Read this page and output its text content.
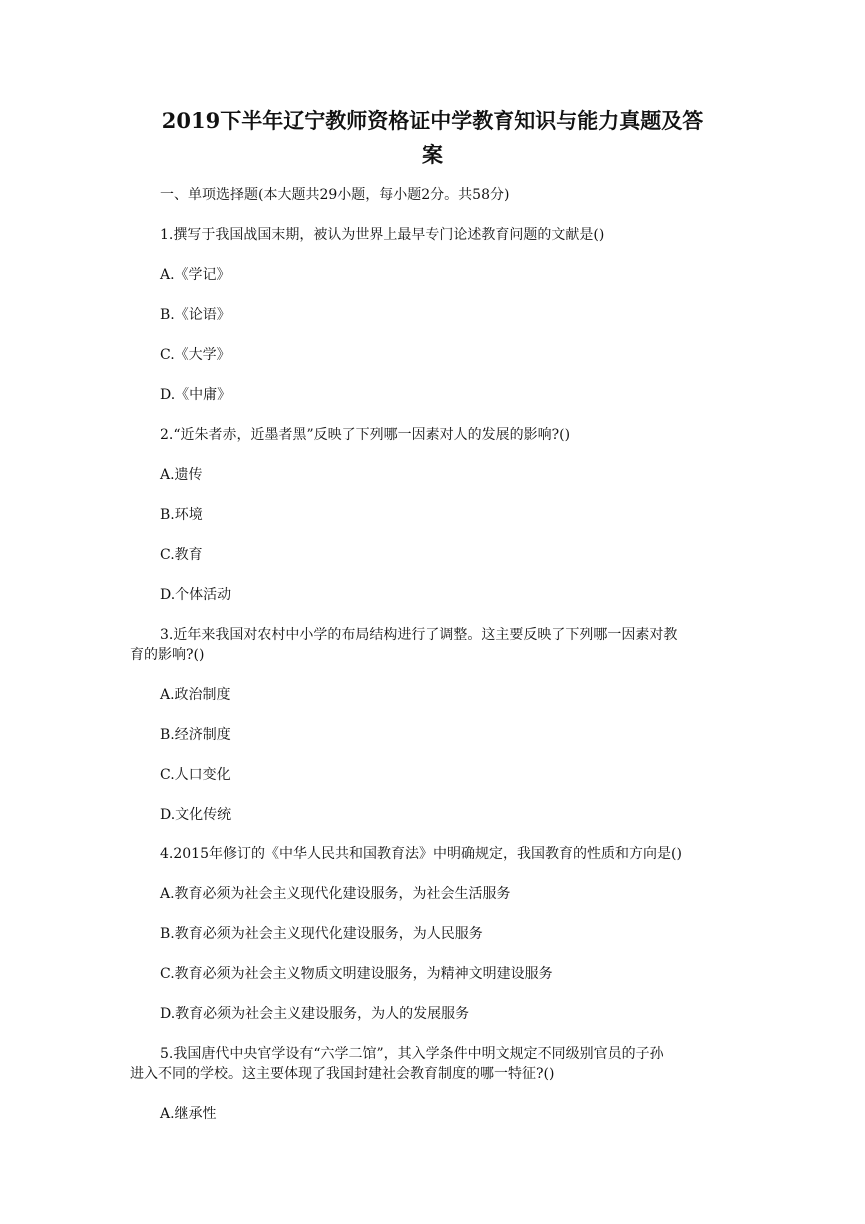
2019下半年辽宁教师资格证中学教育知识与能力真题及答
案

一、单项选择题(本大题共29小题，每小题2分。共58分)

1.撰写于我国战国末期，被认为世界上最早专门论述教育问题的文献是()

A.《学记》

B.《论语》

C.《大学》

D.《中庸》

2.“近朱者赤，近墨者黑”反映了下列哪一因素对人的发展的影响?()

A.遗传

B.环境

C.教育

D.个体活动

3.近年来我国对农村中小学的布局结构进行了调整。这主要反映了下列哪一因素对教

育的影响?()

A.政治制度

B.经济制度

C.人口变化

D.文化传统

4.2015年修订的《中华人民共和国教育法》中明确规定，我国教育的性质和方向是()

A.教育必须为社会主义现代化建设服务，为社会生活服务

B.教育必须为社会主义现代化建设服务，为人民服务

C.教育必须为社会主义物质文明建设服务，为精神文明建设服务

D.教育必须为社会主义建设服务，为人的发展服务

5.我国唐代中央官学设有“六学二馆”，其入学条件中明文规定不同级别官员的子孙

进入不同的学校。这主要体现了我国封建社会教育制度的哪一特征?()

A.继承性
